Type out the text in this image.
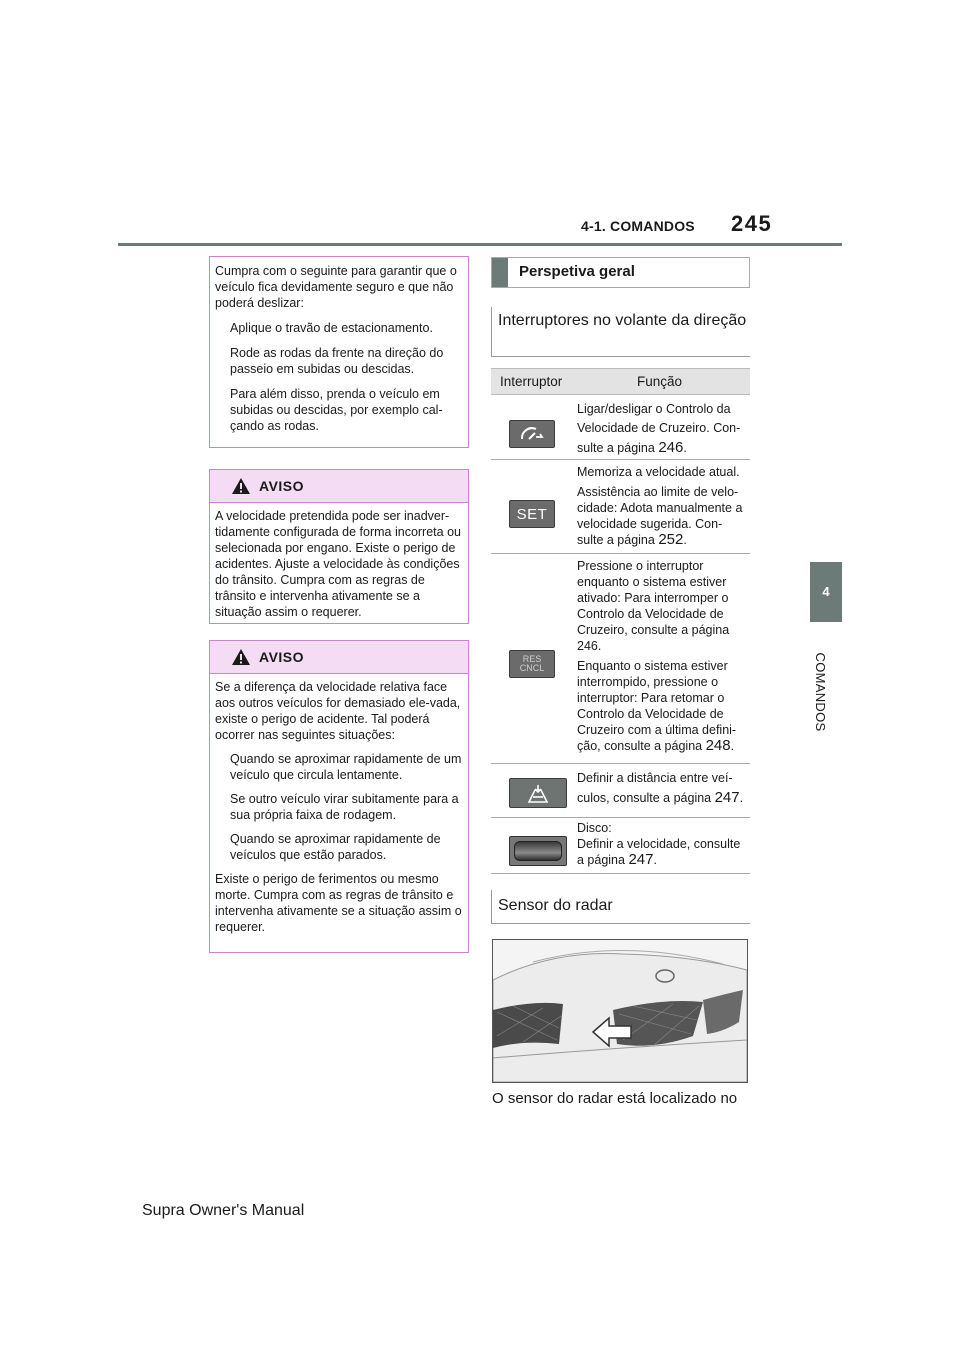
4-1. COMANDOS 245
4
COMANDOS

Cumpra com o seguinte para garantir que o veículo fica devidamente seguro e que não poderá deslizar:

Aplique o travão de estacionamento.

Rode as rodas da frente na direção do passeio em subidas ou descidas.

Para além disso, prenda o veículo em subidas ou descidas, por exemplo cal-çando as rodas.

AVISO

A velocidade pretendida pode ser inadver-tidamente configurada de forma incorreta ou selecionada por engano. Existe o perigo de acidentes. Ajuste a velocidade às condições do trânsito. Cumpra com as regras de trânsito e intervenha ativamente se a situação assim o requerer.

AVISO

Se a diferença da velocidade relativa face aos outros veículos for demasiado ele-vada, existe o perigo de acidente. Tal poderá ocorrer nas seguintes situações:

Quando se aproximar rapidamente de um veículo que circula lentamente.

Se outro veículo virar subitamente para a sua própria faixa de rodagem.

Quando se aproximar rapidamente de veículos que estão parados.

Existe o perigo de ferimentos ou mesmo morte. Cumpra com as regras de trânsito e intervenha ativamente se a situação assim o requerer.

Perspetiva geral
Interruptores no volante da direção
Interruptor	Função

Ligar/desligar o Controlo da

Velocidade de Cruzeiro. Con-

sulte a página 246.

SET

Memoriza a velocidade atual.

Assistência ao limite de velo-cidade: Adota manualmente a velocidade sugerida. Con-

sulte a página 252.

RES
CNCL

Pressione o interruptor enquanto o sistema estiver ativado: Para interromper o Controlo da Velocidade de Cruzeiro, consulte a página 246.

Enquanto o sistema estiver interrompido, pressione o interruptor: Para retomar o Controlo da Velocidade de Cruzeiro com a última defini-

ção, consulte a página 248.

Definir a distância entre veí-

culos, consulte a página 247.

Disco:

Definir a velocidade, consulte

a página 247.

Sensor do radar
O sensor do radar está localizado no
Supra Owner's Manual
